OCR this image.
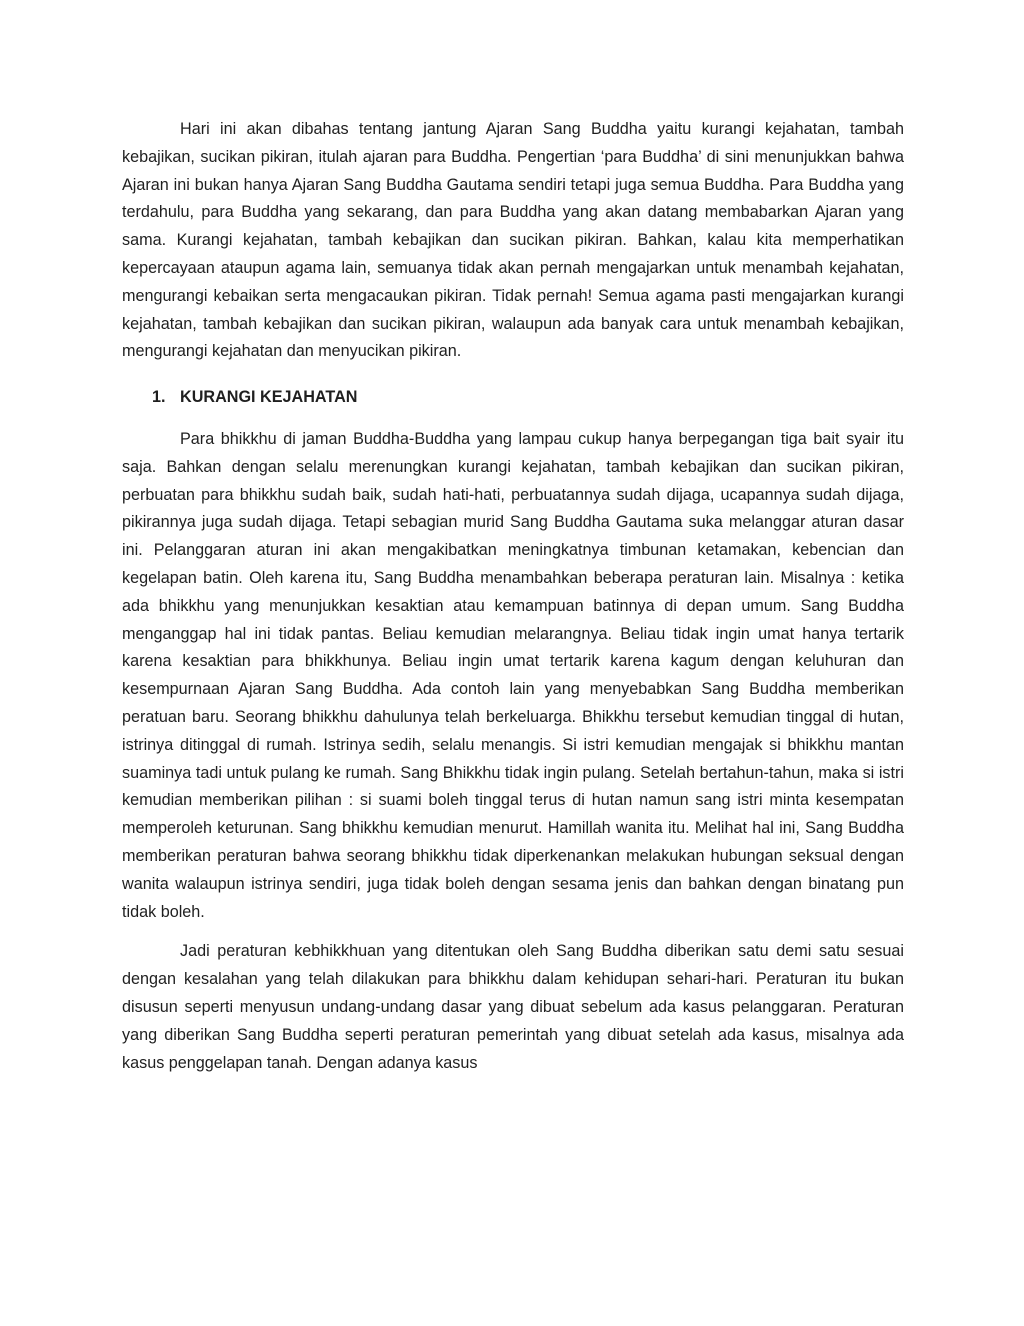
Hari ini akan dibahas tentang jantung Ajaran Sang Buddha yaitu kurangi kejahatan, tambah kebajikan, sucikan pikiran, itulah ajaran para Buddha. Pengertian ‘para Buddha’ di sini menunjukkan bahwa Ajaran ini bukan hanya Ajaran Sang Buddha Gautama sendiri tetapi juga semua Buddha. Para Buddha yang terdahulu, para Buddha yang sekarang, dan para Buddha yang akan datang membabarkan Ajaran yang sama. Kurangi kejahatan, tambah kebajikan dan sucikan pikiran. Bahkan, kalau kita memperhatikan kepercayaan ataupun agama lain, semuanya tidak akan pernah mengajarkan untuk menambah kejahatan, mengurangi kebaikan serta mengacaukan pikiran. Tidak pernah! Semua agama pasti mengajarkan kurangi kejahatan, tambah kebajikan dan sucikan pikiran, walaupun ada banyak cara untuk menambah kebajikan, mengurangi kejahatan dan menyucikan pikiran.

1. KURANGI KEJAHATAN

Para bhikkhu di jaman Buddha-Buddha yang lampau cukup hanya berpegangan tiga bait syair itu saja. Bahkan dengan selalu merenungkan kurangi kejahatan, tambah kebajikan dan sucikan pikiran, perbuatan para bhikkhu sudah baik, sudah hati-hati, perbuatannya sudah dijaga, ucapannya sudah dijaga, pikirannya juga sudah dijaga. Tetapi sebagian murid Sang Buddha Gautama suka melanggar aturan dasar ini. Pelanggaran aturan ini akan mengakibatkan meningkatnya timbunan ketamakan, kebencian dan kegelapan batin. Oleh karena itu, Sang Buddha menambahkan beberapa peraturan lain. Misalnya : ketika ada bhikkhu yang menunjukkan kesaktian atau kemampuan batinnya di depan umum. Sang Buddha menganggap hal ini tidak pantas. Beliau kemudian melarangnya. Beliau tidak ingin umat hanya tertarik karena kesaktian para bhikkhunya. Beliau ingin umat tertarik karena kagum dengan keluhuran dan kesempurnaan Ajaran Sang Buddha. Ada contoh lain yang menyebabkan Sang Buddha memberikan peratuan baru. Seorang bhikkhu dahulunya telah berkeluarga. Bhikkhu tersebut kemudian tinggal di hutan, istrinya ditinggal di rumah. Istrinya sedih, selalu menangis. Si istri kemudian mengajak si bhikkhu mantan suaminya tadi untuk pulang ke rumah. Sang Bhikkhu tidak ingin pulang. Setelah bertahun-tahun, maka si istri kemudian memberikan pilihan : si suami boleh tinggal terus di hutan namun sang istri minta kesempatan memperoleh keturunan. Sang bhikkhu kemudian menurut. Hamillah wanita itu. Melihat hal ini, Sang Buddha memberikan peraturan bahwa seorang bhikkhu tidak diperkenankan melakukan hubungan seksual dengan wanita walaupun istrinya sendiri, juga tidak boleh dengan sesama jenis dan bahkan dengan binatang pun tidak boleh.

Jadi peraturan kebhikkhuan yang ditentukan oleh Sang Buddha diberikan satu demi satu sesuai dengan kesalahan yang telah dilakukan para bhikkhu dalam kehidupan sehari-hari. Peraturan itu bukan disusun seperti menyusun undang-undang dasar yang dibuat sebelum ada kasus pelanggaran. Peraturan yang diberikan Sang Buddha seperti peraturan pemerintah yang dibuat setelah ada kasus, misalnya ada kasus penggelapan tanah. Dengan adanya kasus
